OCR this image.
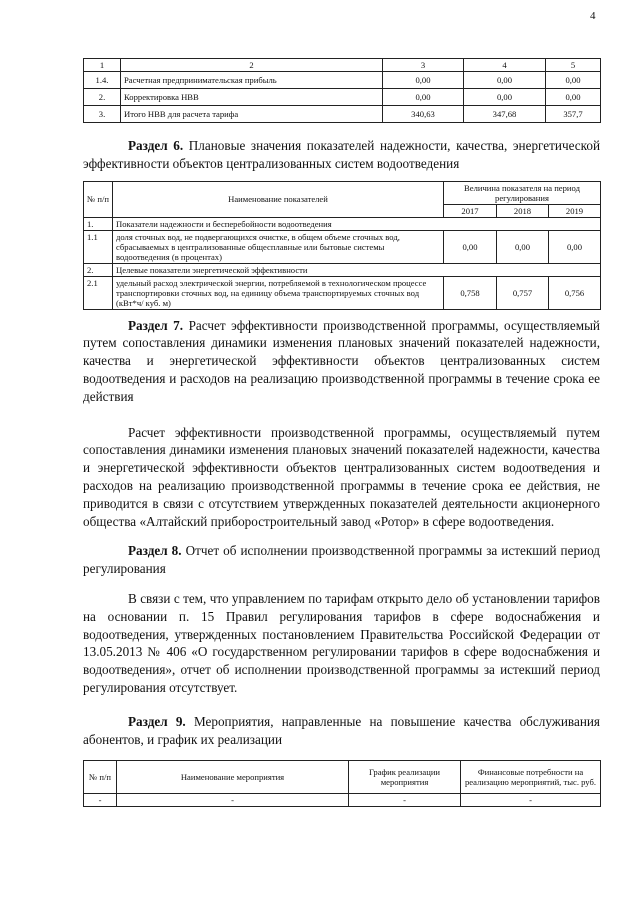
4
1	2	3	4	5
1.4.	Расчетная предпринимательская прибыль	0,00	0,00	0,00
2.	Корректировка НВВ	0,00	0,00	0,00
3.	Итого НВВ для расчета тарифа	340,63	347,68	357,7

Раздел 6. Плановые значения показателей надежности, качества, энергетической эффективности объектов централизованных систем водоотведения

№ п/п	Наименование показателей	Величина показателя на период регулирования		
		2017	2018	2019
1.	Показатели надежности и бесперебойности водоотведения			
1.1	доля сточных вод, не подвергающихся очистке, в общем объеме сточных вод, сбрасываемых в централизованные общесплавные или бытовые системы водоотведения (в процентах)	0,00	0,00	0,00
2.	Целевые показатели энергетической эффективности			
2.1	удельный расход электрической энергии, потребляемой в технологическом процессе транспортировки сточных вод, на единицу объема транспортируемых сточных вод (кВт*ч/ куб. м)	0,758	0,757	0,756

Раздел 7. Расчет эффективности производственной программы, осуществляемый путем сопоставления динамики изменения плановых значений показателей надежности, качества и энергетической эффективности объектов централизованных систем водоотведения и расходов на реализацию производственной программы в течение срока ее действия

Расчет эффективности производственной программы, осуществляемый путем сопоставления динамики изменения плановых значений показателей надежности, качества и энергетической эффективности объектов централизованных систем водоотведения и расходов на реализацию производственной программы в течение срока ее действия, не приводится в связи с отсутствием утвержденных показателей деятельности акционерного общества «Алтайский приборостроительный завод «Ротор» в сфере водоотведения.

Раздел 8. Отчет об исполнении производственной программы за истекший период регулирования

В связи с тем, что управлением по тарифам открыто дело об установлении тарифов на основании п. 15 Правил регулирования тарифов в сфере водоснабжения и водоотведения, утвержденных постановлением Правительства Российской Федерации от 13.05.2013 № 406 «О государственном регулировании тарифов в сфере водоснабжения и водоотведения», отчет об исполнении производственной программы за истекший период регулирования отсутствует.

Раздел 9. Мероприятия, направленные на повышение качества обслуживания абонентов, и график их реализации

№ п/п	Наименование мероприятия	График реализации мероприятия	Финансовые потребности на реализацию мероприятий, тыс. руб.
-	-	-	-
